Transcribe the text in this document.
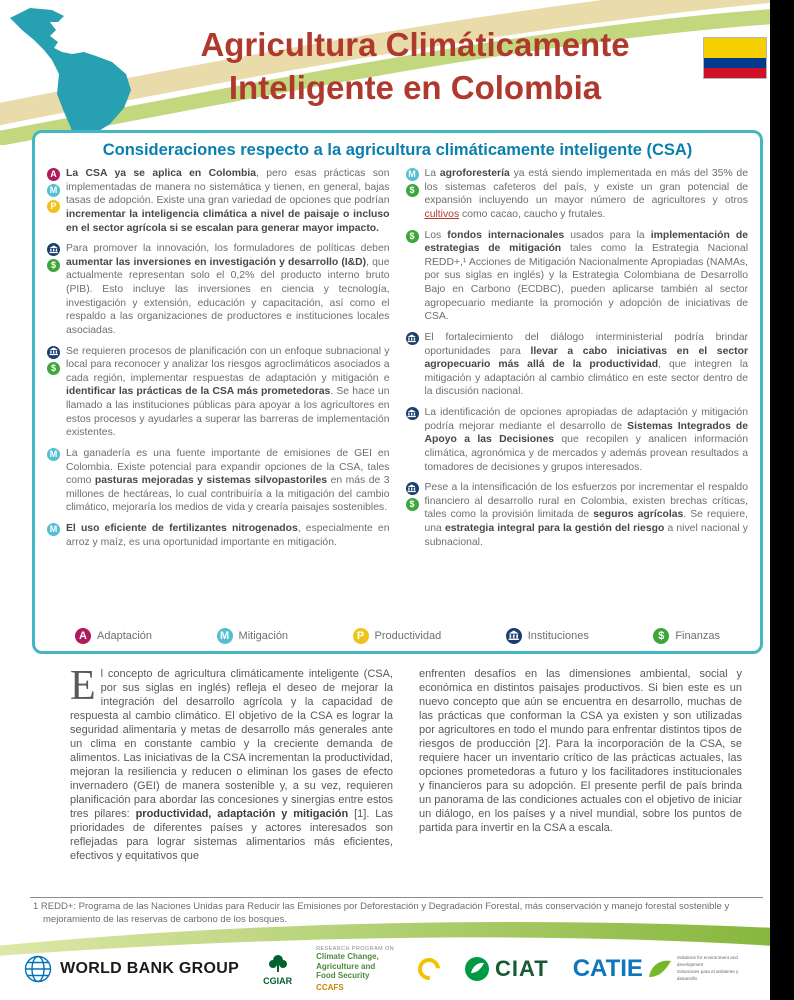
Agricultura Climáticamente
Inteligente en Colombia
Consideraciones respecto a la agricultura climáticamente inteligente (CSA)
A
M
P

La CSA ya se aplica en Colombia, pero esas prácticas son implementadas de manera no sistemática y tienen, en general, bajas tasas de adopción. Existe una gran variedad de opciones que podrían incrementar la inteligencia climática a nivel de paisaje o incluso en el sector agrícola si se escalan para generar mayor impacto.

$

Para promover la innovación, los formuladores de políticas deben aumentar las inversiones en investigación y desarrollo (I&D), que actualmente representan solo el 0,2% del producto interno bruto (PIB). Esto incluye las inversiones en ciencia y tecnología, investigación y extensión, educación y capacitación, así como el respaldo a las organizaciones de productores e instituciones locales asociadas.

$

Se requieren procesos de planificación con un enfoque subnacional y local para reconocer y analizar los riesgos agroclimáticos asociados a cada región, implementar respuestas de adaptación y mitigación e identificar las prácticas de la CSA más prometedoras. Se hace un llamado a las instituciones públicas para apoyar a los agricultores en estos procesos y ayudarles a superar las barreras de implementación existentes.

M La ganadería es una fuente importante de emisiones de GEI en Colombia. Existe potencial para expandir opciones de la CSA, tales como pasturas mejoradas y sistemas silvopastoriles en más de 3 millones de hectáreas, lo cual contribuiría a la mitigación del cambio climático, mejoraría los medios de vida y crearía paisajes sostenibles.

M El uso eficiente de fertilizantes nitrogenados, especialmente en arroz y maíz, es una oportunidad importante en mitigación.

M
$

La agroforestería ya está siendo implementada en más del 35% de los sistemas cafeteros del país, y existe un gran potencial de expansión incluyendo un mayor número de agricultores y otros cultivos como cacao, caucho y frutales.

$ Los fondos internacionales usados para la implementación de estrategias de mitigación tales como la Estrategia Nacional REDD+,¹ Acciones de Mitigación Nacionalmente Apropiadas (NAMAs, por sus siglas en inglés) y la Estrategia Colombiana de Desarrollo Bajo en Carbono (ECDBC), pueden aplicarse también al sector agropecuario mediante la promoción y adopción de iniciativas de CSA.

El fortalecimiento del diálogo interministerial podría brindar oportunidades para llevar a cabo iniciativas en el sector agropecuario más allá de la productividad, que integren la mitigación y adaptación al cambio climático en este sector dentro de la discusión nacional.

La identificación de opciones apropiadas de adaptación y mitigación podría mejorar mediante el desarrollo de Sistemas Integrados de Apoyo a las Decisiones que recopilen y analicen información climática, agronómica y de mercados y además provean resultados a tomadores de decisiones y grupos interesados.

$

Pese a la intensificación de los esfuerzos por incrementar el respaldo financiero al desarrollo rural en Colombia, existen brechas críticas, tales como la provisión limitada de seguros agrícolas. Se requiere, una estrategia integral para la gestión del riesgo a nivel nacional y subnacional.

A Adaptación	M Mitigación	P Productividad	Instituciones	$ Finanzas

El concepto de agricultura climáticamente inteligente (CSA, por sus siglas en inglés) refleja el deseo de mejorar la integración del desarrollo agrícola y la capacidad de respuesta al cambio climático. El objetivo de la CSA es lograr la seguridad alimentaria y metas de desarrollo más generales ante un clima en constante cambio y la creciente demanda de alimentos. Las iniciativas de la CSA incrementan la productividad, mejoran la resiliencia y reducen o eliminan los gases de efecto invernadero (GEI) de manera sostenible y, a su vez, requieren planificación para abordar las concesiones y sinergias entre estos tres pilares: productividad, adaptación y mitigación [1]. Las prioridades de diferentes países y actores interesados son reflejadas para lograr sistemas alimentarios más eficientes, efectivos y equitativos que

enfrenten desafíos en las dimensiones ambiental, social y económica en distintos paisajes productivos. Si bien este es un nuevo concepto que aún se encuentra en desarrollo, muchas de las prácticas que conforman la CSA ya existen y son utilizadas por agricultores en todo el mundo para enfrentar distintos tipos de riesgos de producción [2]. Para la incorporación de la CSA, se requiere hacer un inventario crítico de las prácticas actuales, las opciones prometedoras a futuro y los facilitadores institucionales y financieros para su adopción. El presente perfil de país brinda un panorama de las condiciones actuales con el objetivo de iniciar un diálogo, en los países y a nivel mundial, sobre los puntos de partida para invertir en la CSA a escala.

1 REDD+: Programa de las Naciones Unidas para Reducir las Emisiones por Deforestación y Degradación Forestal, más conservación y manejo forestal sostenible y mejoramiento de las reservas de carbono de los bosques.

WORLD BANK GROUP
CGIAR
RESEARCH PROGRAM ON
Climate Change,
Agriculture and
Food Security
CCAFS
CIAT CATIE	Solutions for environment and development
Soluciones para el ambiente y desarrollo
